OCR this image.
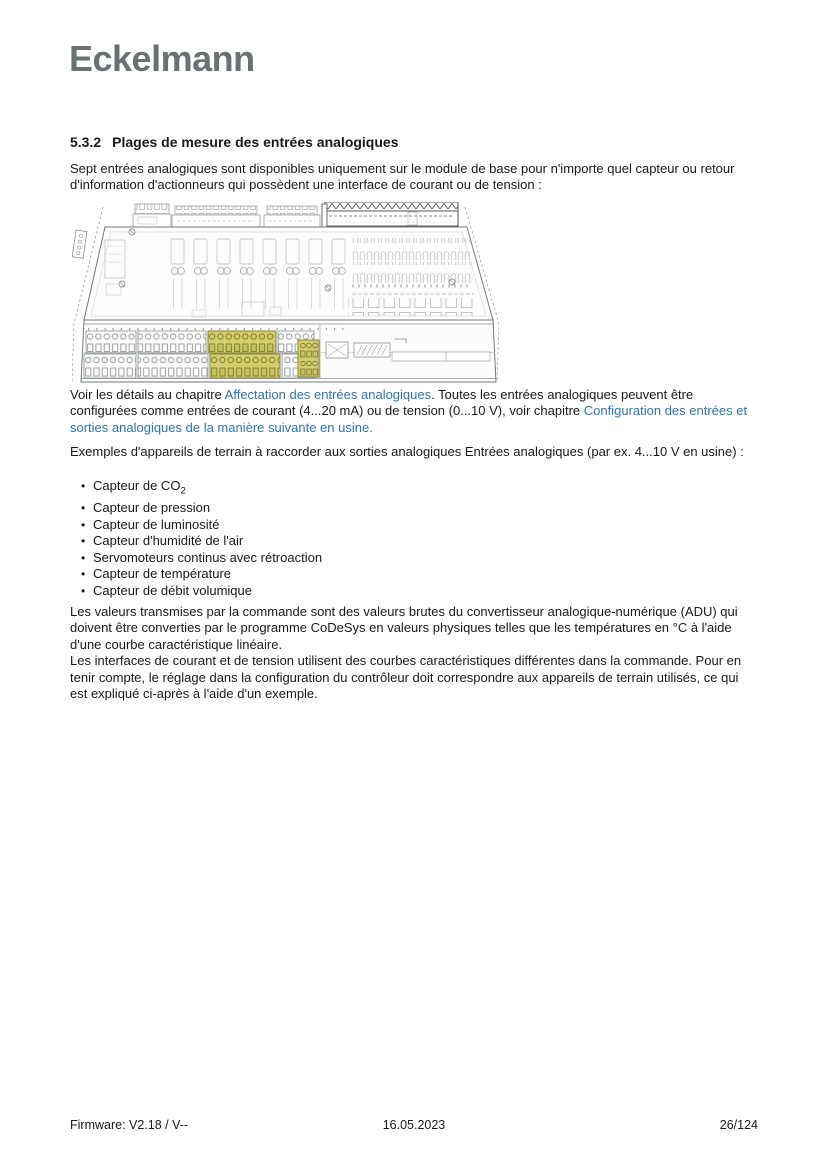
Eckelmann
5.3.2 Plages de mesure des entrées analogiques

Sept entrées analogiques sont disponibles uniquement sur le module de base pour n'importe quel capteur ou retour d'information d'actionneurs qui possèdent une interface de courant ou de tension :

Voir les détails au chapitre Affectation des entrées analogiques. Toutes les entrées analogiques peuvent être configurées comme entrées de courant (4...20 mA) ou de tension (0...10 V), voir chapitre Configuration des entrées et sorties analogiques de la manière suivante en usine.

Exemples d'appareils de terrain à raccorder aux sorties analogiques Entrées analogiques (par ex. 4...10 V en usine) :

• Capteur de $CO_2$
• Capteur de pression
• Capteur de luminosité
• Capteur d'humidité de l'air
• Servomoteurs continus avec rétroaction
• Capteur de température
• Capteur de débit volumique

Les valeurs transmises par la commande sont des valeurs brutes du convertisseur analogique-numérique (ADU) qui doivent être converties par le programme CoDeSys en valeurs physiques telles que les températures en °C à l'aide d'une courbe caractéristique linéaire.

Les interfaces de courant et de tension utilisent des courbes caractéristiques différentes dans la commande. Pour en tenir compte, le réglage dans la configuration du contrôleur doit correspondre aux appareils de terrain utilisés, ce qui est expliqué ci-après à l'aide d'un exemple.

Firmware: V2.18 / V--	16.05.2023	26/124
